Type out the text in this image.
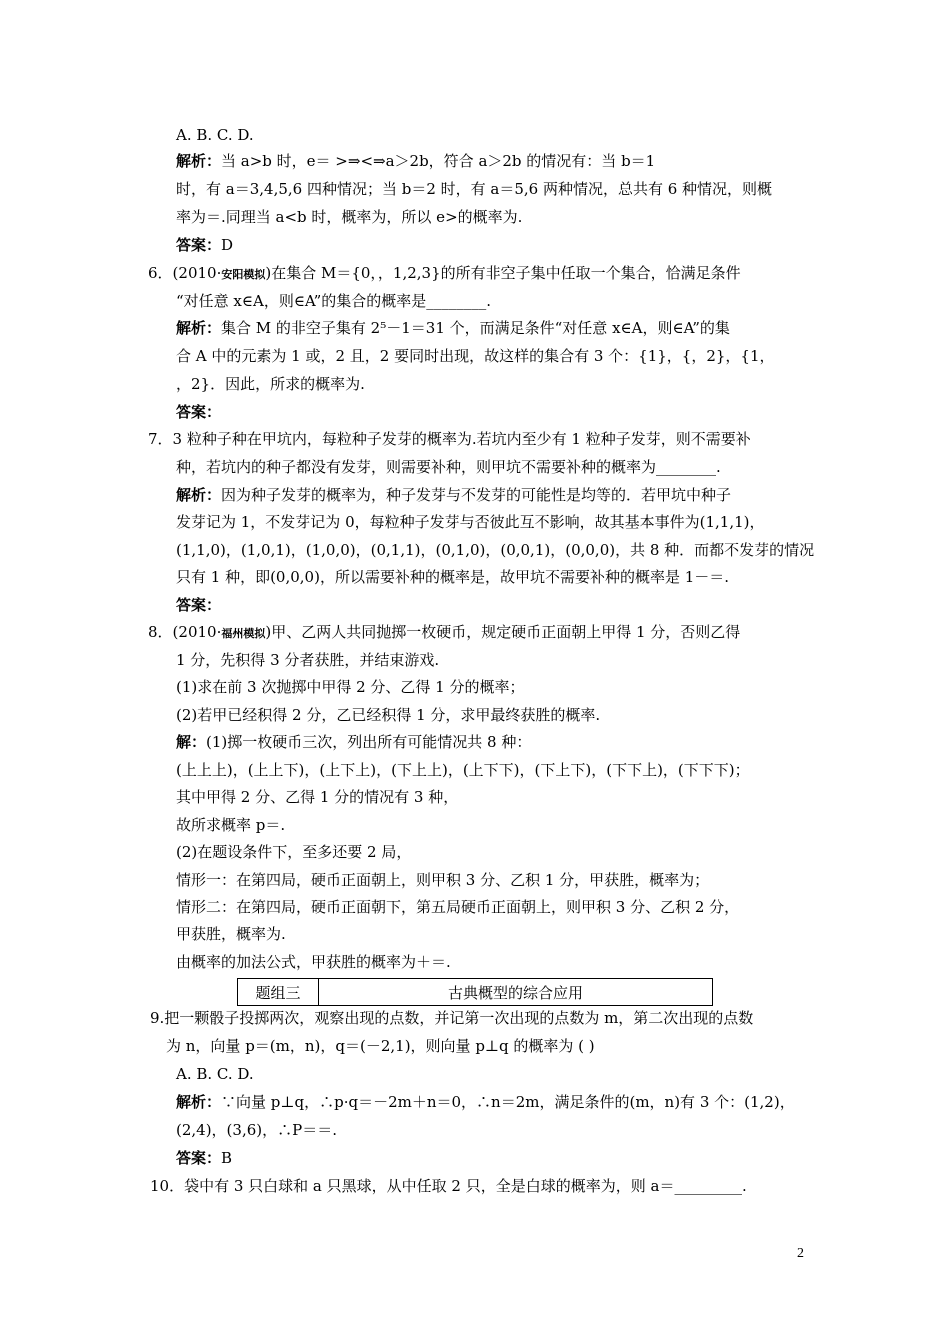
A. B. C. D.
解析：当 a>b 时，e＝ >⇒<⇒a＞2b，符合 a＞2b 的情况有：当 b＝1
时，有 a＝3,4,5,6 四种情况；当 b＝2 时，有 a＝5,6 两种情况，总共有 6 种情况，则概
率为＝.同理当 a<b 时，概率为，所以 e>的概率为.
答案：D
6．(2010·安阳模拟)在集合 M＝{0，，1,2,3}的所有非空子集中任取一个集合，恰满足条件
“对任意 x∈A，则∈A”的集合的概率是________.
解析：集合 M 的非空子集有 2⁵－1＝31 个，而满足条件“对任意 x∈A，则∈A”的集
合 A 中的元素为 1 或，2 且，2 要同时出现，故这样的集合有 3 个：{1}，{，2}，{1，
，2}．因此，所求的概率为.
答案：
7．3 粒种子种在甲坑内，每粒种子发芽的概率为.若坑内至少有 1 粒种子发芽，则不需要补
种，若坑内的种子都没有发芽，则需要补种，则甲坑不需要补种的概率为________.
解析：因为种子发芽的概率为，种子发芽与不发芽的可能性是均等的．若甲坑中种子
发芽记为 1，不发芽记为 0，每粒种子发芽与否彼此互不影响，故其基本事件为(1,1,1)，
(1,1,0)，(1,0,1)，(1,0,0)，(0,1,1)，(0,1,0)，(0,0,1)，(0,0,0)，共 8 种．而都不发芽的情况
只有 1 种，即(0,0,0)，所以需要补种的概率是，故甲坑不需要补种的概率是 1－＝.
答案：
8．(2010·福州模拟)甲、乙两人共同抛掷一枚硬币，规定硬币正面朝上甲得 1 分，否则乙得
1 分，先积得 3 分者获胜，并结束游戏.
(1)求在前 3 次抛掷中甲得 2 分、乙得 1 分的概率；
(2)若甲已经积得 2 分，乙已经积得 1 分，求甲最终获胜的概率.
解：(1)掷一枚硬币三次，列出所有可能情况共 8 种：
(上上上)，(上上下)，(上下上)，(下上上)，(上下下)，(下上下)，(下下上)，(下下下)；
其中甲得 2 分、乙得 1 分的情况有 3 种，
故所求概率 p＝.
(2)在题设条件下，至多还要 2 局，
情形一：在第四局，硬币正面朝上，则甲积 3 分、乙积 1 分，甲获胜，概率为；
情形二：在第四局，硬币正面朝下，第五局硬币正面朝上，则甲积 3 分、乙积 2 分，
甲获胜，概率为.
由概率的加法公式，甲获胜的概率为＋＝.
9.把一颗骰子投掷两次，观察出现的点数，并记第一次出现的点数为 m，第二次出现的点数
为 n，向量 p＝(m，n)，q＝(－2,1)，则向量 p⊥q 的概率为 ( )
A. B. C. D.
解析：∵向量 p⊥q，∴p·q＝－2m＋n＝0，∴n＝2m，满足条件的(m，n)有 3 个：(1,2)，
(2,4)，(3,6)，∴P＝＝.
答案：B
10．袋中有 3 只白球和 a 只黑球，从中任取 2 只，全是白球的概率为，则 a＝_________.
题组三	古典概型的综合应用
2
